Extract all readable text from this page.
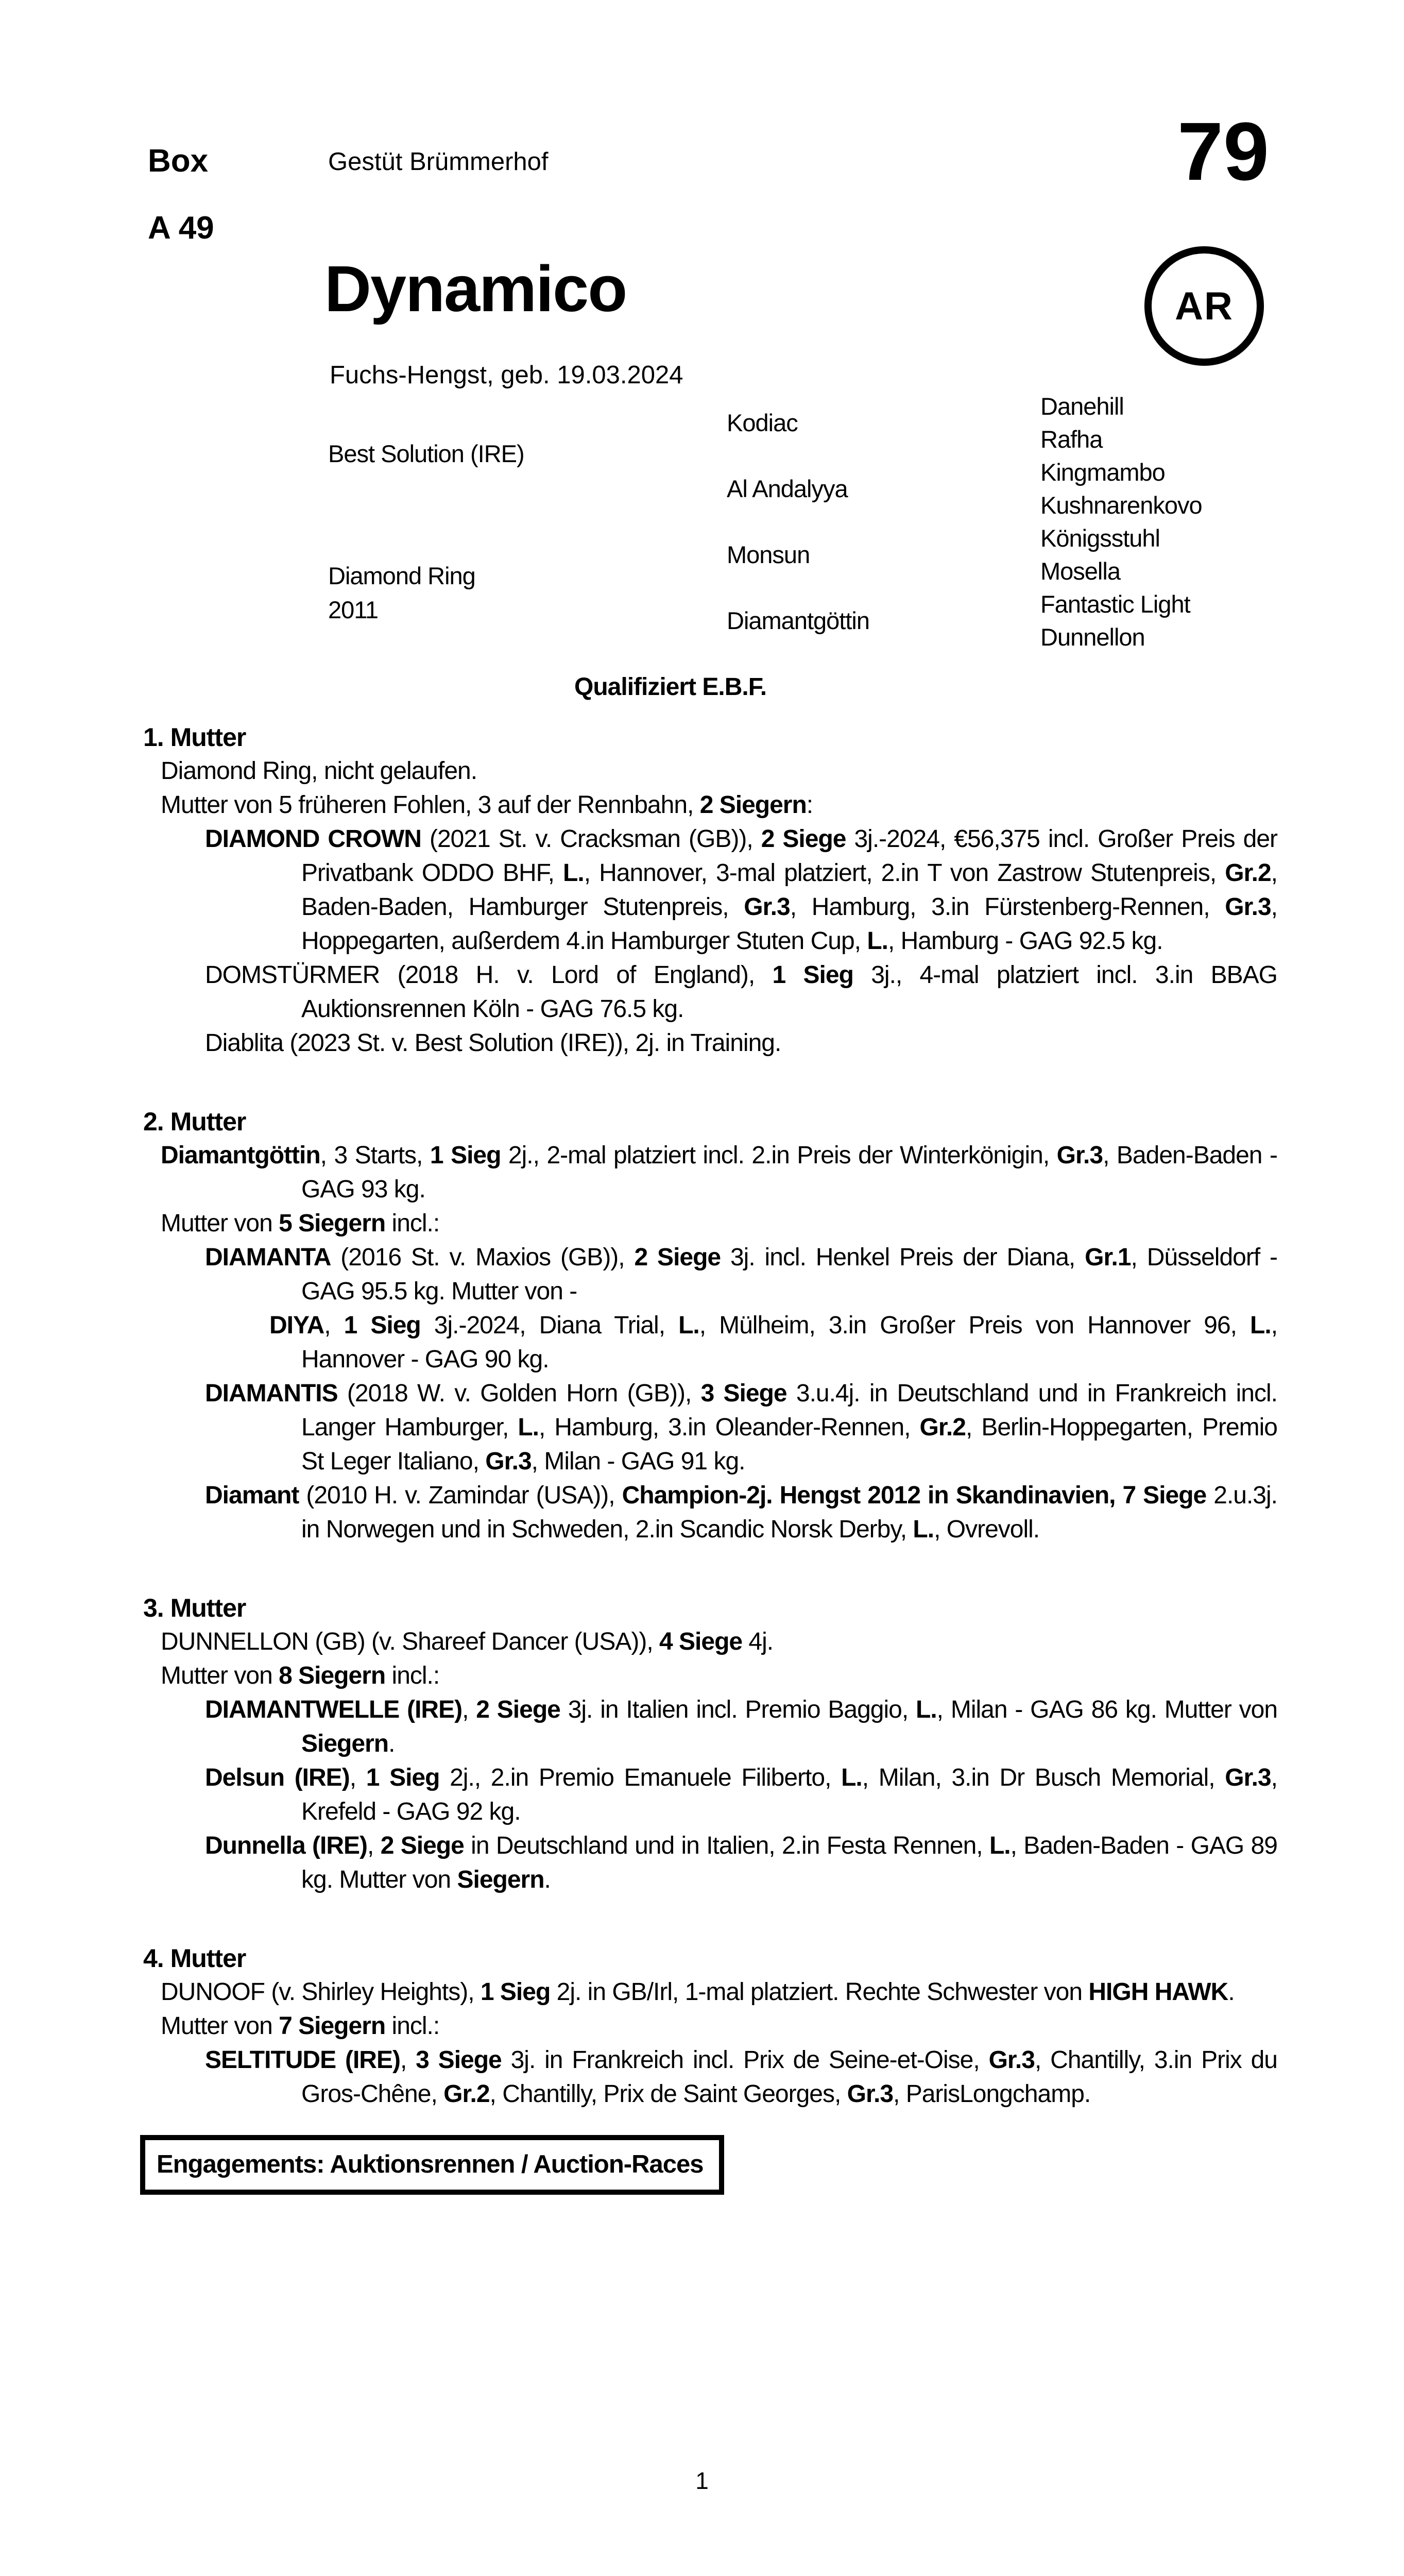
Box
A 49
Gestüt Brümmerhof	79
Dynamico
Fuchs-Hengst, geb. 19.03.2024
AR
Best Solution (IRE)
Diamond Ring
2011
Kodiac
Al Andalyya
Monsun
Diamantgöttin
Danehill
Rafha
Kingmambo
Kushnarenkovo
Königsstuhl
Mosella
Fantastic Light
Dunnellon
Qualifiziert E.B.F.
1. Mutter

Diamond Ring, nicht gelaufen.

Mutter von 5 früheren Fohlen, 3 auf der Rennbahn, 2 Siegern:

DIAMOND CROWN (2021 St. v. Cracksman (GB)), 2 Siege 3j.-2024, €56,375 incl. Großer Preis der Privatbank ODDO BHF, L., Hannover, 3-mal platziert, 2.in T von Zastrow Stutenpreis, Gr.2, Baden-Baden, Hamburger Stutenpreis, Gr.3, Hamburg, 3.in Fürstenberg-Rennen, Gr.3, Hoppegarten, außerdem 4.in Hamburger Stuten Cup, L., Hamburg - GAG 92.5 kg.

DOMSTÜRMER (2018 H. v. Lord of England), 1 Sieg 3j., 4-mal platziert incl. 3.in BBAG Auktionsrennen Köln - GAG 76.5 kg.

Diablita (2023 St. v. Best Solution (IRE)), 2j. in Training.

2. Mutter

Diamantgöttin, 3 Starts, 1 Sieg 2j., 2-mal platziert incl. 2.in Preis der Winterkönigin, Gr.3, Baden-Baden - GAG 93 kg.

Mutter von 5 Siegern incl.:

DIAMANTA (2016 St. v. Maxios (GB)), 2 Siege 3j. incl. Henkel Preis der Diana, Gr.1, Düsseldorf - GAG 95.5 kg. Mutter von -

DIYA, 1 Sieg 3j.-2024, Diana Trial, L., Mülheim, 3.in Großer Preis von Hannover 96, L., Hannover - GAG 90 kg.

DIAMANTIS (2018 W. v. Golden Horn (GB)), 3 Siege 3.u.4j. in Deutschland und in Frankreich incl. Langer Hamburger, L., Hamburg, 3.in Oleander-Rennen, Gr.2, Berlin-Hoppegarten, Premio St Leger Italiano, Gr.3, Milan - GAG 91 kg.

Diamant (2010 H. v. Zamindar (USA)), Champion-2j. Hengst 2012 in Skandinavien, 7 Siege 2.u.3j. in Norwegen und in Schweden, 2.in Scandic Norsk Derby, L., Ovrevoll.

3. Mutter

DUNNELLON (GB) (v. Shareef Dancer (USA)), 4 Siege 4j.

Mutter von 8 Siegern incl.:

DIAMANTWELLE (IRE), 2 Siege 3j. in Italien incl. Premio Baggio, L., Milan - GAG 86 kg. Mutter von Siegern.

Delsun (IRE), 1 Sieg 2j., 2.in Premio Emanuele Filiberto, L., Milan, 3.in Dr Busch Memorial, Gr.3, Krefeld - GAG 92 kg.

Dunnella (IRE), 2 Siege in Deutschland und in Italien, 2.in Festa Rennen, L., Baden-Baden - GAG 89 kg. Mutter von Siegern.

4. Mutter

DUNOOF (v. Shirley Heights), 1 Sieg 2j. in GB/Irl, 1-mal platziert. Rechte Schwester von HIGH HAWK.

Mutter von 7 Siegern incl.:

SELTITUDE (IRE), 3 Siege 3j. in Frankreich incl. Prix de Seine-et-Oise, Gr.3, Chantilly, 3.in Prix du Gros-Chêne, Gr.2, Chantilly, Prix de Saint Georges, Gr.3, ParisLongchamp.

Engagements: Auktionsrennen / Auction-Races
1
